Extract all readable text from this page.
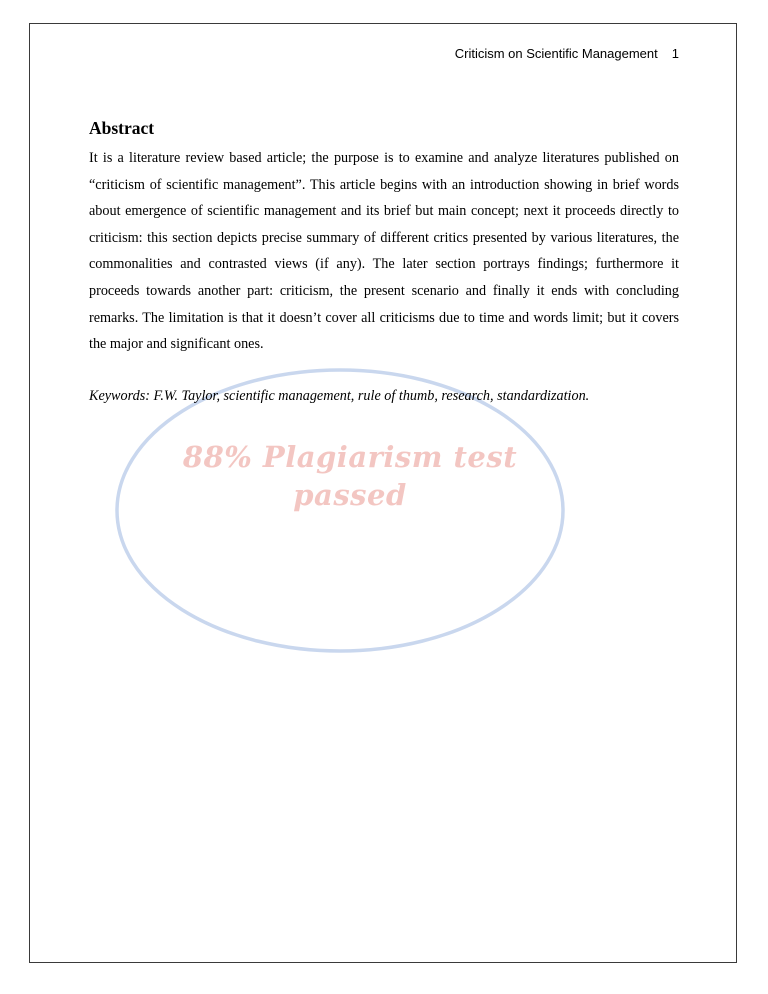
Criticism on Scientific Management 1
88% Plagiarism test
passed
Abstract

It is a literature review based article; the purpose is to examine and analyze literatures published on “criticism of scientific management”. This article begins with an introduction showing in brief words about emergence of scientific management and its brief but main concept; next it proceeds directly to criticism: this section depicts precise summary of different critics presented by various literatures, the commonalities and contrasted views (if any). The later section portrays findings; furthermore it proceeds towards another part: criticism, the present scenario and finally it ends with concluding remarks. The limitation is that it doesn’t cover all criticisms due to time and words limit; but it covers the major and significant ones.

Keywords: F.W. Taylor, scientific management, rule of thumb, research, standardization.
